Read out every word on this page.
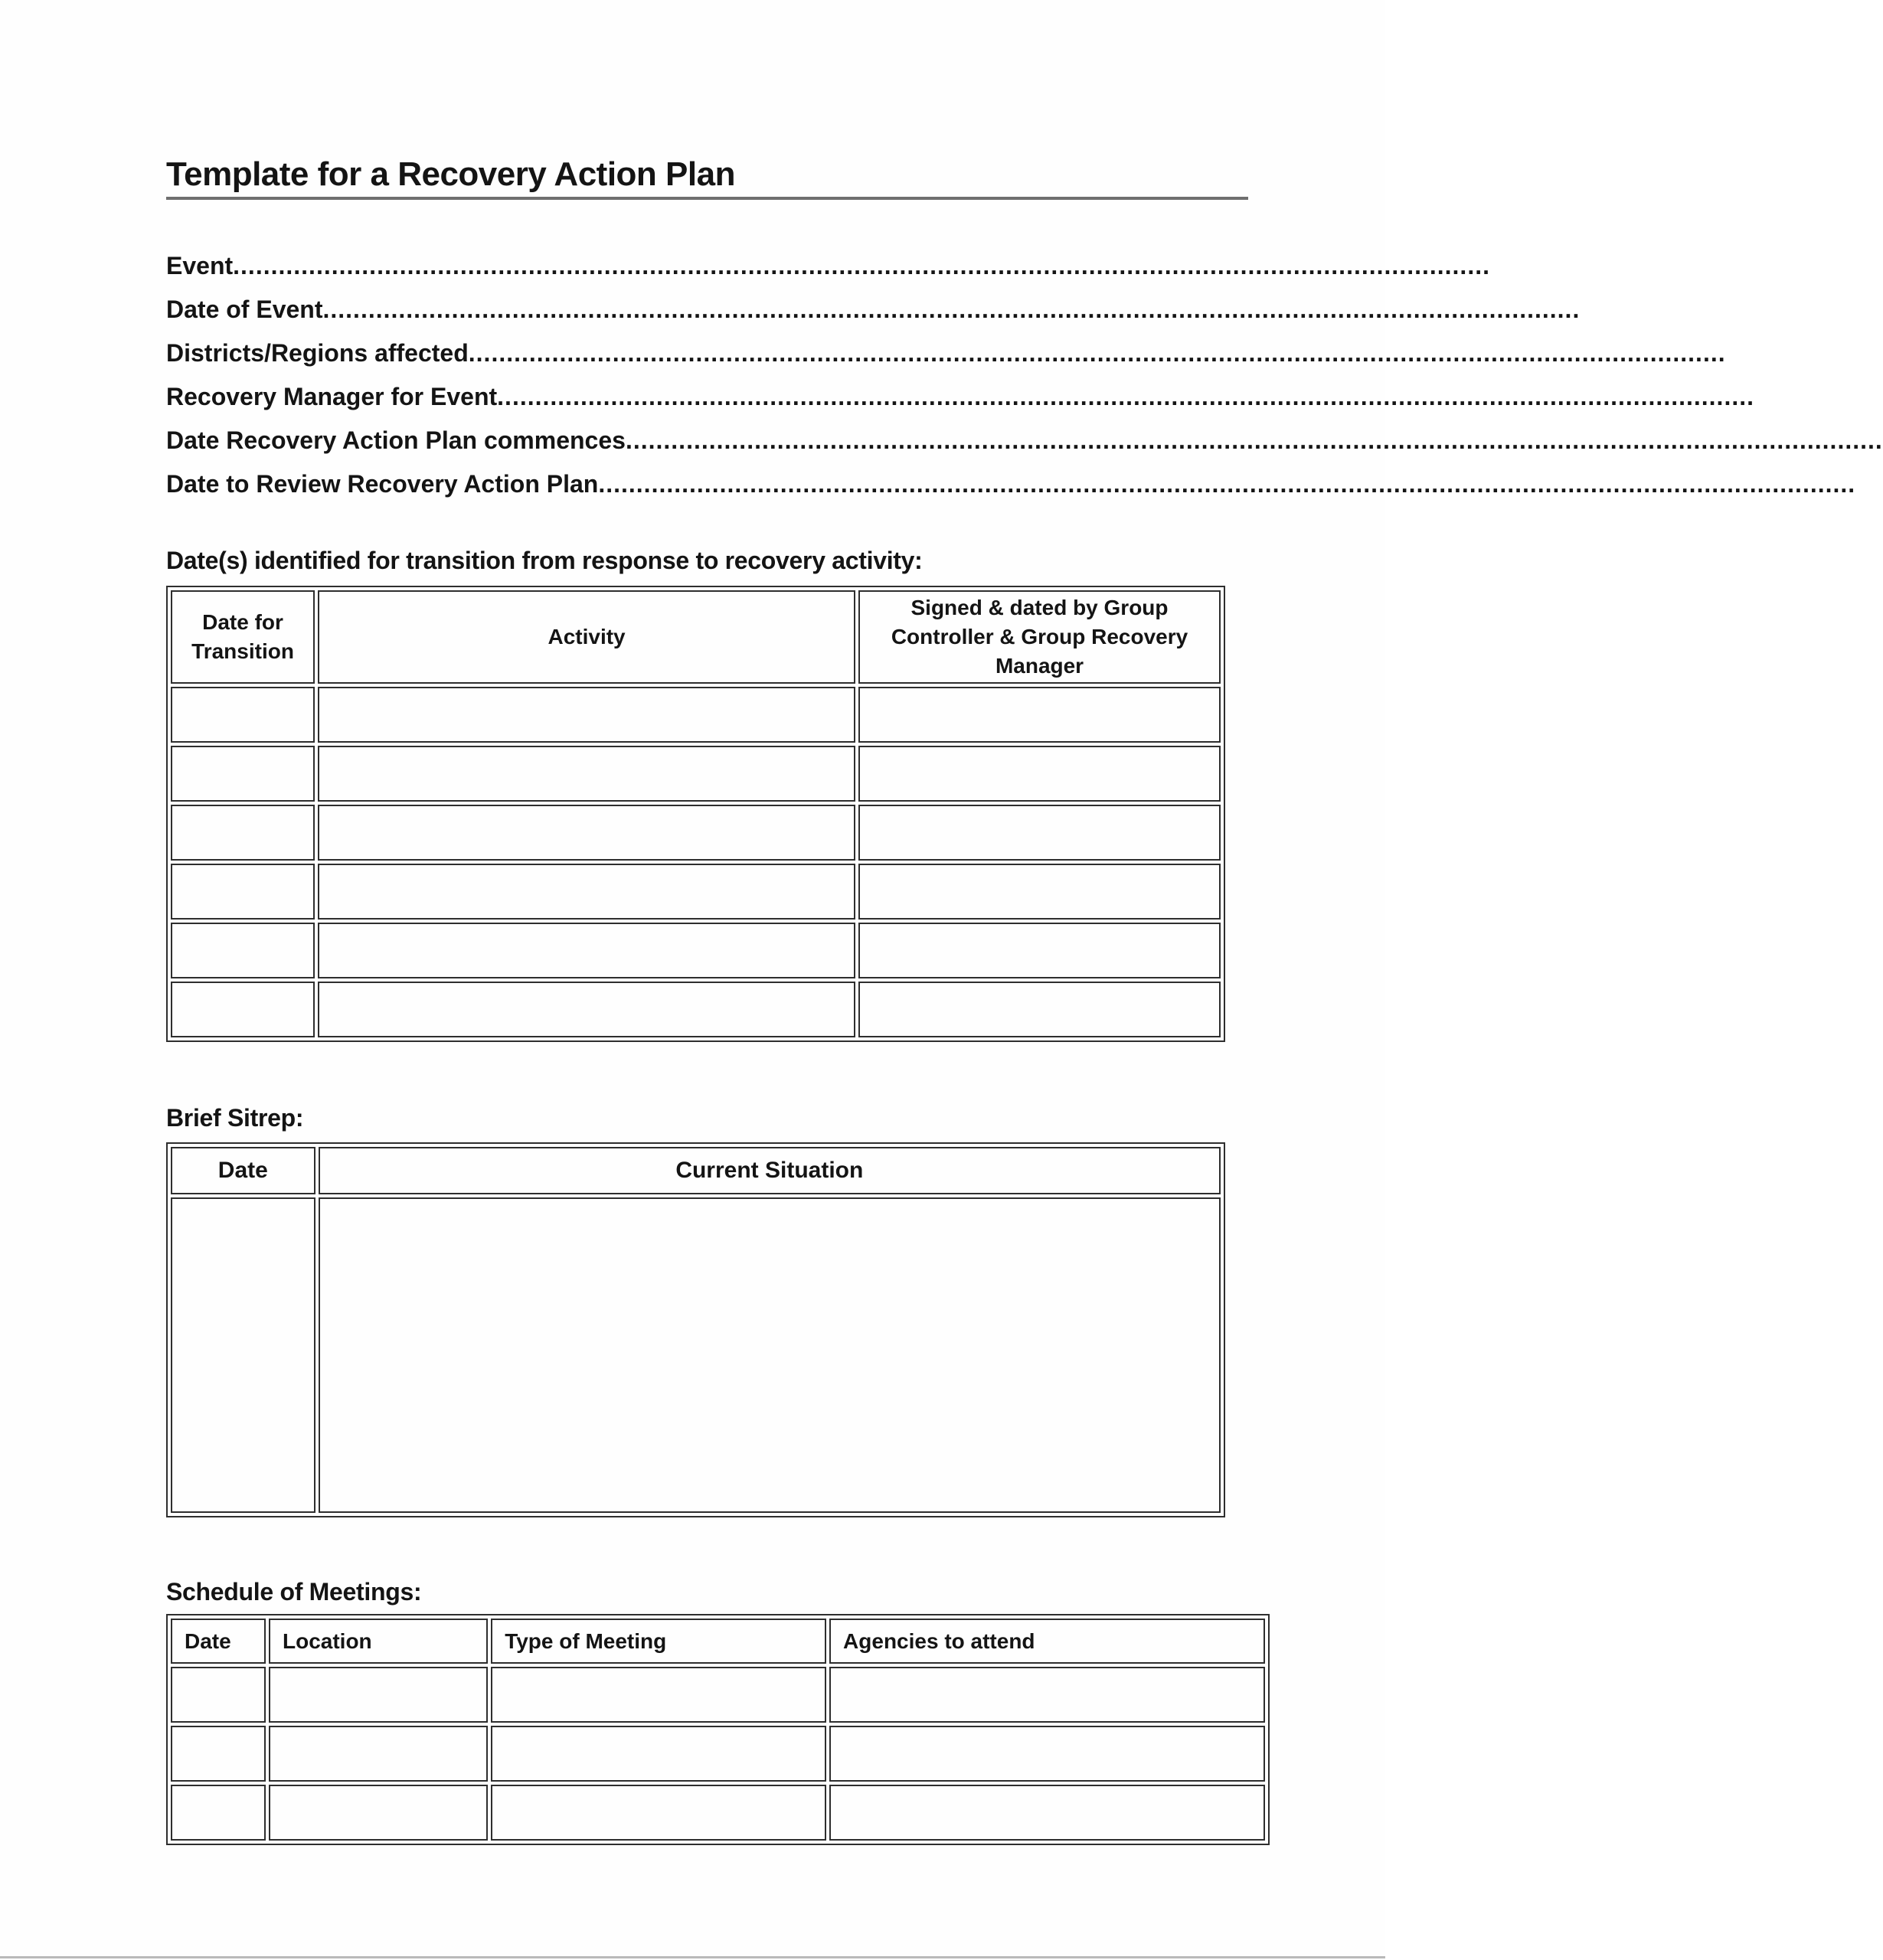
Template for a Recovery Action Plan
Event ......................................................................................................................................................................
Date of Event ......................................................................................................................................................................
Districts/Regions affected ......................................................................................................................................................................
Recovery Manager for Event ......................................................................................................................................................................
Date Recovery Action Plan commences ......................................................................................................................................................................
Date to Review Recovery Action Plan ......................................................................................................................................................................
Date(s) identified for transition from response to recovery activity:
Date for Transition	Activity	Signed & dated by Group Controller & Group Recovery Manager

Brief Sitrep:
Date	Current Situation

Schedule of Meetings:
Date	Location	Type of Meeting	Agencies to attend
